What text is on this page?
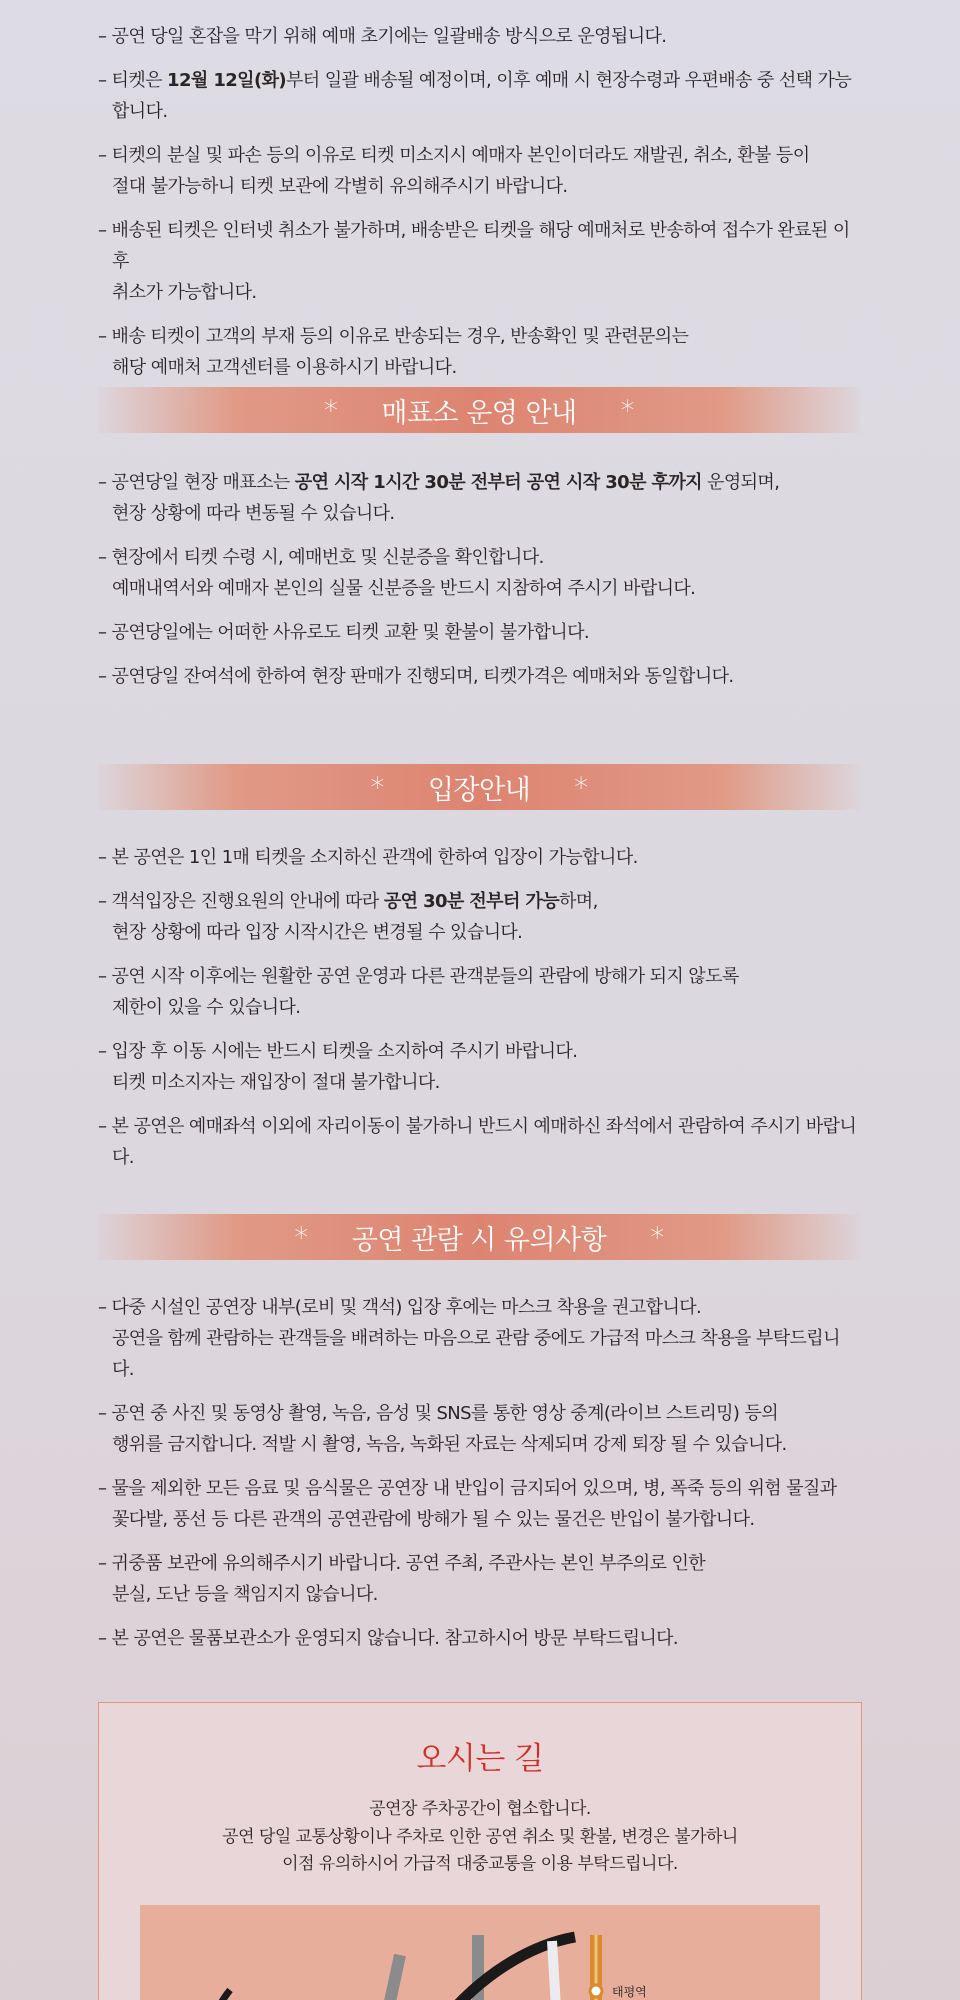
– 공연 당일 혼잡을 막기 위해 예매 초기에는 일괄배송 방식으로 운영됩니다.
– 티켓은 12월 12일(화)부터 일괄 배송될 예정이며, 이후 예매 시 현장수령과 우편배송 중 선택 가능합니다.
– 티켓의 분실 및 파손 등의 이유로 티켓 미소지시 예매자 본인이더라도 재발권, 취소, 환불 등이
절대 불가능하니 티켓 보관에 각별히 유의해주시기 바랍니다.
– 배송된 티켓은 인터넷 취소가 불가하며, 배송받은 티켓을 해당 예매처로 반송하여 접수가 완료된 이후
취소가 가능합니다.
– 배송 티켓이 고객의 부재 등의 이유로 반송되는 경우, 반송확인 및 관련문의는
해당 예매처 고객센터를 이용하시기 바랍니다.
* 매표소 운영 안내 *
– 공연당일 현장 매표소는 공연 시작 1시간 30분 전부터 공연 시작 30분 후까지 운영되며,
현장 상황에 따라 변동될 수 있습니다.
– 현장에서 티켓 수령 시, 예매번호 및 신분증을 확인합니다.
예매내역서와 예매자 본인의 실물 신분증을 반드시 지참하여 주시기 바랍니다.
– 공연당일에는 어떠한 사유로도 티켓 교환 및 환불이 불가합니다.
– 공연당일 잔여석에 한하여 현장 판매가 진행되며, 티켓가격은 예매처와 동일합니다.
* 입장안내 *
– 본 공연은 1인 1매 티켓을 소지하신 관객에 한하여 입장이 가능합니다.
– 객석입장은 진행요원의 안내에 따라 공연 30분 전부터 가능하며,
현장 상황에 따라 입장 시작시간은 변경될 수 있습니다.
– 공연 시작 이후에는 원활한 공연 운영과 다른 관객분들의 관람에 방해가 되지 않도록
제한이 있을 수 있습니다.
– 입장 후 이동 시에는 반드시 티켓을 소지하여 주시기 바랍니다.
티켓 미소지자는 재입장이 절대 불가합니다.
– 본 공연은 예매좌석 이외에 자리이동이 불가하니 반드시 예매하신 좌석에서 관람하여 주시기 바랍니다.
* 공연 관람 시 유의사항 *
– 다중 시설인 공연장 내부(로비 및 객석) 입장 후에는 마스크 착용을 권고합니다.
공연을 함께 관람하는 관객들을 배려하는 마음으로 관람 중에도 가급적 마스크 착용을 부탁드립니다.
– 공연 중 사진 및 동영상 촬영, 녹음, 음성 및 SNS를 통한 영상 중계(라이브 스트리밍) 등의
행위를 금지합니다. 적발 시 촬영, 녹음, 녹화된 자료는 삭제되며 강제 퇴장 될 수 있습니다.
– 물을 제외한 모든 음료 및 음식물은 공연장 내 반입이 금지되어 있으며, 병, 폭죽 등의 위험 물질과
꽃다발, 풍선 등 다른 관객의 공연관람에 방해가 될 수 있는 물건은 반입이 불가합니다.
– 귀중품 보관에 유의해주시기 바랍니다. 공연 주최, 주관사는 본인 부주의로 인한
분실, 도난 등을 책임지지 않습니다.
– 본 공연은 물품보관소가 운영되지 않습니다. 참고하시어 방문 부탁드립니다.
오시는 길
공연장 주차공간이 협소합니다.
공연 당일 교통상황이나 주차로 인한 공연 취소 및 환불, 변경은 불가하니
이점 유의하시어 가급적 대중교통을 이용 부탁드립니다.
태평역
